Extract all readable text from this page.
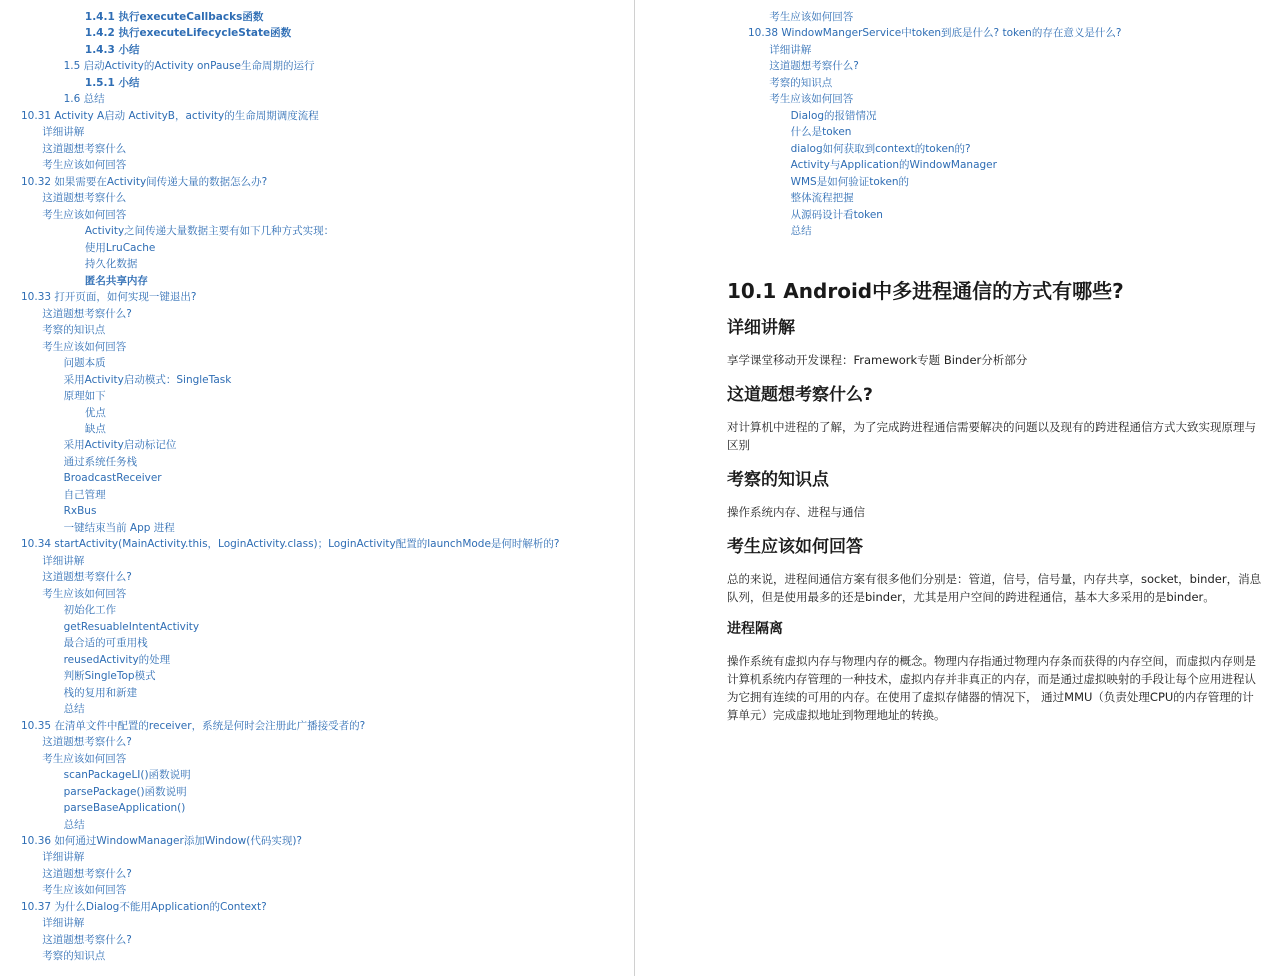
1.4.1 执行executeCallbacks函数
1.4.2 执行executeLifecycleState函数
1.4.3 小结
1.5 启动Activity的Activity onPause生命周期的运行
1.5.1 小结
1.6 总结
10.31 Activity A启动 ActivityB，activity的生命周期调度流程
详细讲解
这道题想考察什么
考生应该如何回答
10.32 如果需要在Activity间传递大量的数据怎么办?
这道题想考察什么
考生应该如何回答
Activity之间传递大量数据主要有如下几种方式实现：
使用LruCache
持久化数据
匿名共享内存
10.33 打开页面，如何实现一键退出?
这道题想考察什么?
考察的知识点
考生应该如何回答
问题本质
采用Activity启动模式：SingleTask
原理如下
优点
缺点
采用Activity启动标记位
通过系统任务栈
BroadcastReceiver
自己管理
RxBus
一键结束当前 App 进程
10.34 startActivity(MainActivity.this，LoginActivity.class)；LoginActivity配置的launchMode是何时解析的?
详细讲解
这道题想考察什么?
考生应该如何回答
初始化工作
getResuableIntentActivity
最合适的可重用栈
reusedActivity的处理
判断SingleTop模式
栈的复用和新建
总结
10.35 在清单文件中配置的receiver，系统是何时会注册此广播接受者的?
这道题想考察什么?
考生应该如何回答
scanPackageLI()函数说明
parsePackage()函数说明
parseBaseApplication()
总结
10.36 如何通过WindowManager添加Window(代码实现)?
详细讲解
这道题想考察什么?
考生应该如何回答
10.37 为什么Dialog不能用Application的Context?
详细讲解
这道题想考察什么?
考察的知识点
考生应该如何回答
10.38 WindowMangerService中token到底是什么? token的存在意义是什么?
详细讲解
这道题想考察什么?
考察的知识点
考生应该如何回答
Dialog的报错情况
什么是token
dialog如何获取到context的token的?
Activity与Application的WindowManager
WMS是如何验证token的
整体流程把握
从源码设计看token
总结
10.1 Android中多进程通信的方式有哪些?
详细讲解

享学课堂移动开发课程：Framework专题 Binder分析部分

这道题想考察什么?

对计算机中进程的了解，为了完成跨进程通信需要解决的问题以及现有的跨进程通信方式大致实现原理与区别

考察的知识点

操作系统内存、进程与通信

考生应该如何回答

总的来说，进程间通信方案有很多他们分别是：管道，信号，信号量，内存共享，socket，binder，消息队列，但是使用最多的还是binder，尤其是用户空间的跨进程通信，基本大多采用的是binder。

进程隔离

操作系统有虚拟内存与物理内存的概念。物理内存指通过物理内存条而获得的内存空间，而虚拟内存则是计算机系统内存管理的一种技术，虚拟内存并非真正的内存，而是通过虚拟映射的手段让每个应用进程认为它拥有连续的可用的内存。在使用了虚拟存储器的情况下， 通过MMU（负责处理CPU的内存管理的计算单元）完成虚拟地址到物理地址的转换。
